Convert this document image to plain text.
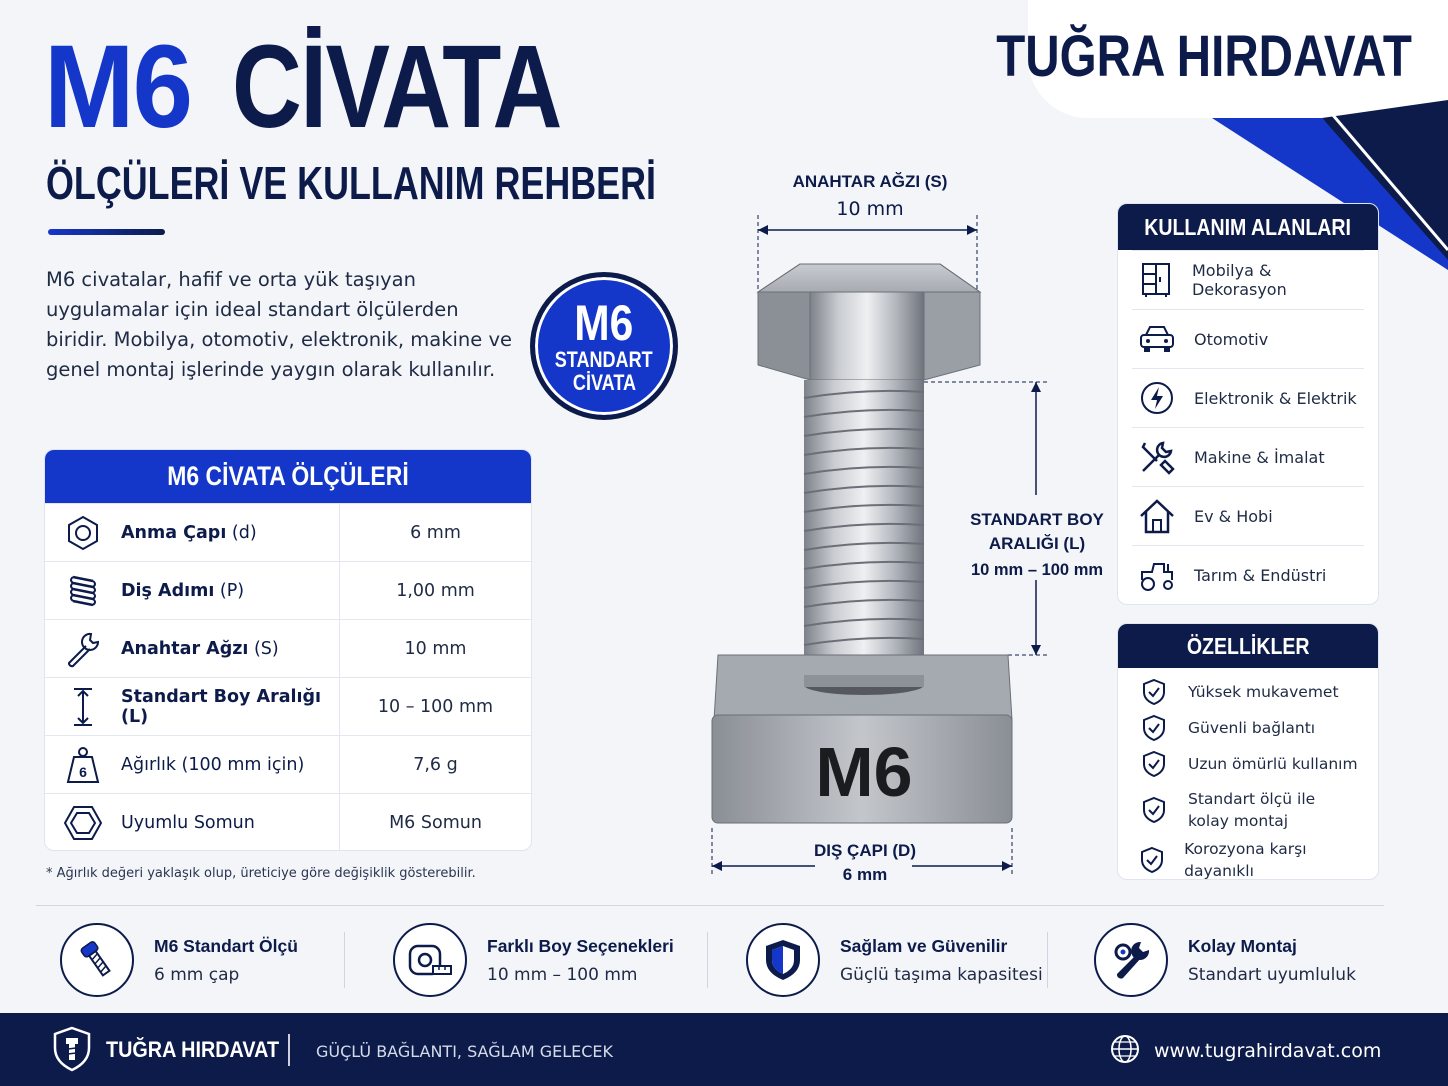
M6 CİVATA
ÖLÇÜLERİ VE KULLANIM REHBERİ
M6 civatalar, hafif ve orta yük taşıyan uygulamalar için ideal standart ölçülerden biridir. Mobilya, otomotiv, elektronik, makine ve genel montaj işlerinde yaygın olarak kullanılır.
TUĞRA HIRDAVAT
M6
STANDART
CİVATA
M6 CİVATA ÖLÇÜLERİ
Anma Çapı (d)	6 mm
Diş Adımı (P)	1,00 mm
Anahtar Ağzı (S)	10 mm
Standart Boy Aralığı (L)	10 – 100 mm
6 Ağırlık (100 mm için)	7,6 g
Uyumlu Somun	M6 Somun
* Ağırlık değeri yaklaşık olup, üreticiye göre değişiklik gösterebilir.
M6
ANAHTAR AĞZI (S)
10 mm
STANDART BOY
ARALIĞI (L)
10 mm – 100 mm
DIŞ ÇAPI (D)
6 mm
KULLANIM ALANLARI
Mobilya & Dekorasyon
Otomotiv
Elektronik & Elektrik
Makine & İmalat
Ev & Hobi
Tarım & Endüstri
ÖZELLİKLER
Yüksek mukavemet
Güvenli bağlantı
Uzun ömürlü kullanım
Standart ölçü ile
kolay montaj
Korozyona karşı dayanıklı
M6 Standart Ölçü
6 mm çap
Farklı Boy Seçenekleri
10 mm – 100 mm
Sağlam ve Güvenilir
Güçlü taşıma kapasitesi
Kolay Montaj
Standart uyumluluk
TUĞRA HIRDAVAT GÜÇLÜ BAĞLANTI, SAĞLAM GELECEK	www.tugrahirdavat.com
